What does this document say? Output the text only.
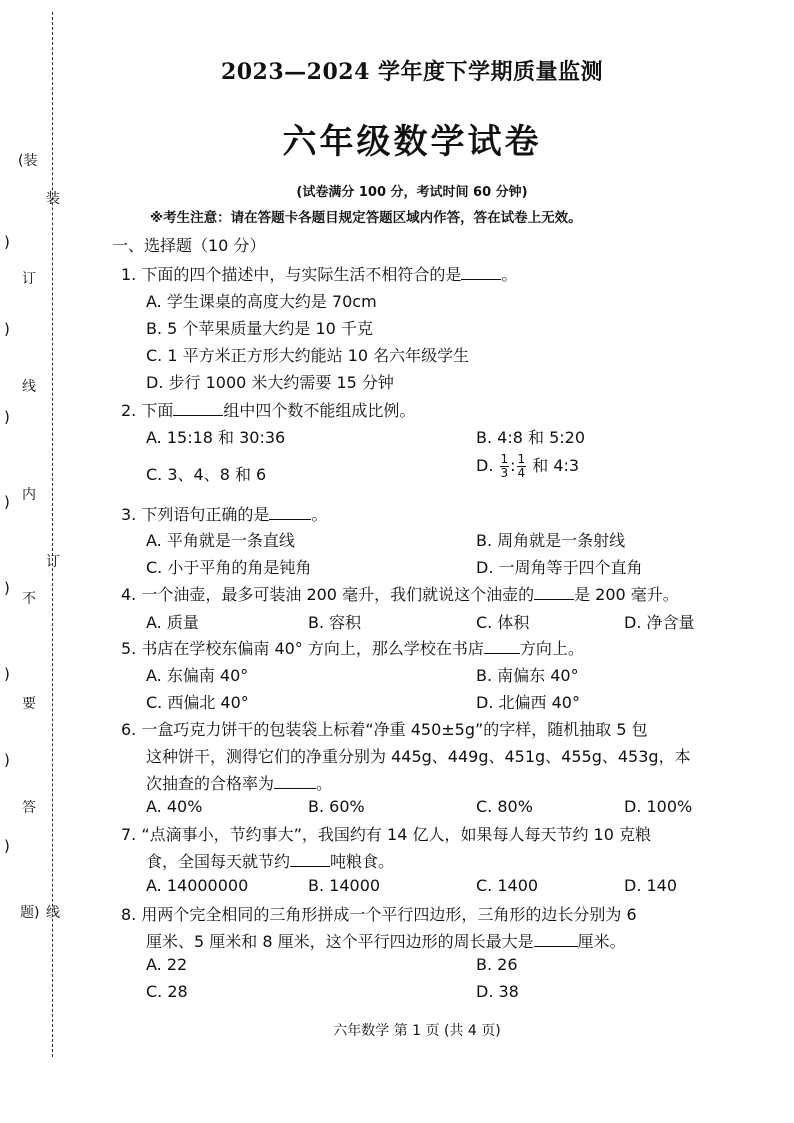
(装
)
订
)
线
)
内
)
)
不
)
要
)
答
)
题)
装
订
线
2023—2024 学年度下学期质量监测
六年级数学试卷
(试卷满分 100 分，考试时间 60 分钟)
※考生注意：请在答题卡各题目规定答题区域内作答，答在试卷上无效。
一、选择题（10 分）
1. 下面的四个描述中，与实际生活不相符合的是	。
A. 学生课桌的高度大约是 70cm
B. 5 个苹果质量大约是 10 千克
C. 1 平方米正方形大约能站 10 名六年级学生
D. 步行 1000 米大约需要 15 分钟
2. 下面	组中四个数不能组成比例。
A. 15:18 和 30:36	B. 4:8 和 5:20
C. 3、4、8 和 6	D. $\frac{1}{3}$ : $\frac{1}{4}$ 和 4:3
3. 下列语句正确的是	。
A. 平角就是一条直线	B. 周角就是一条射线
C. 小于平角的角是钝角	D. 一周角等于四个直角
4. 一个油壶，最多可装油 200 毫升，我们就说这个油壶的	是 200 毫升。
A. 质量	B. 容积	C. 体积	D. 净含量
5. 书店在学校东偏南 40° 方向上，那么学校在书店 方向上。
A. 东偏南 40°	B. 南偏东 40°
C. 西偏北 40°	D. 北偏西 40°
6. 一盒巧克力饼干的包装袋上标着“净重 450±5g”的字样，随机抽取 5 包
这种饼干，测得它们的净重分别为 445g、449g、451g、455g、453g，本
次抽查的合格率为	。
A. 40%	B. 60%	C. 80%	D. 100%
7. “点滴事小，节约事大”，我国约有 14 亿人，如果每人每天节约 10 克粮
食，全国每天就节约	吨粮食。
A. 14000000	B. 14000	C. 1400	D. 140
8. 用两个完全相同的三角形拼成一个平行四边形，三角形的边长分别为 6
厘米、5 厘米和 8 厘米，这个平行四边形的周长最大是	厘米。
A. 22	B. 26
C. 28	D. 38
六年数学 第 1 页 (共 4 页)
